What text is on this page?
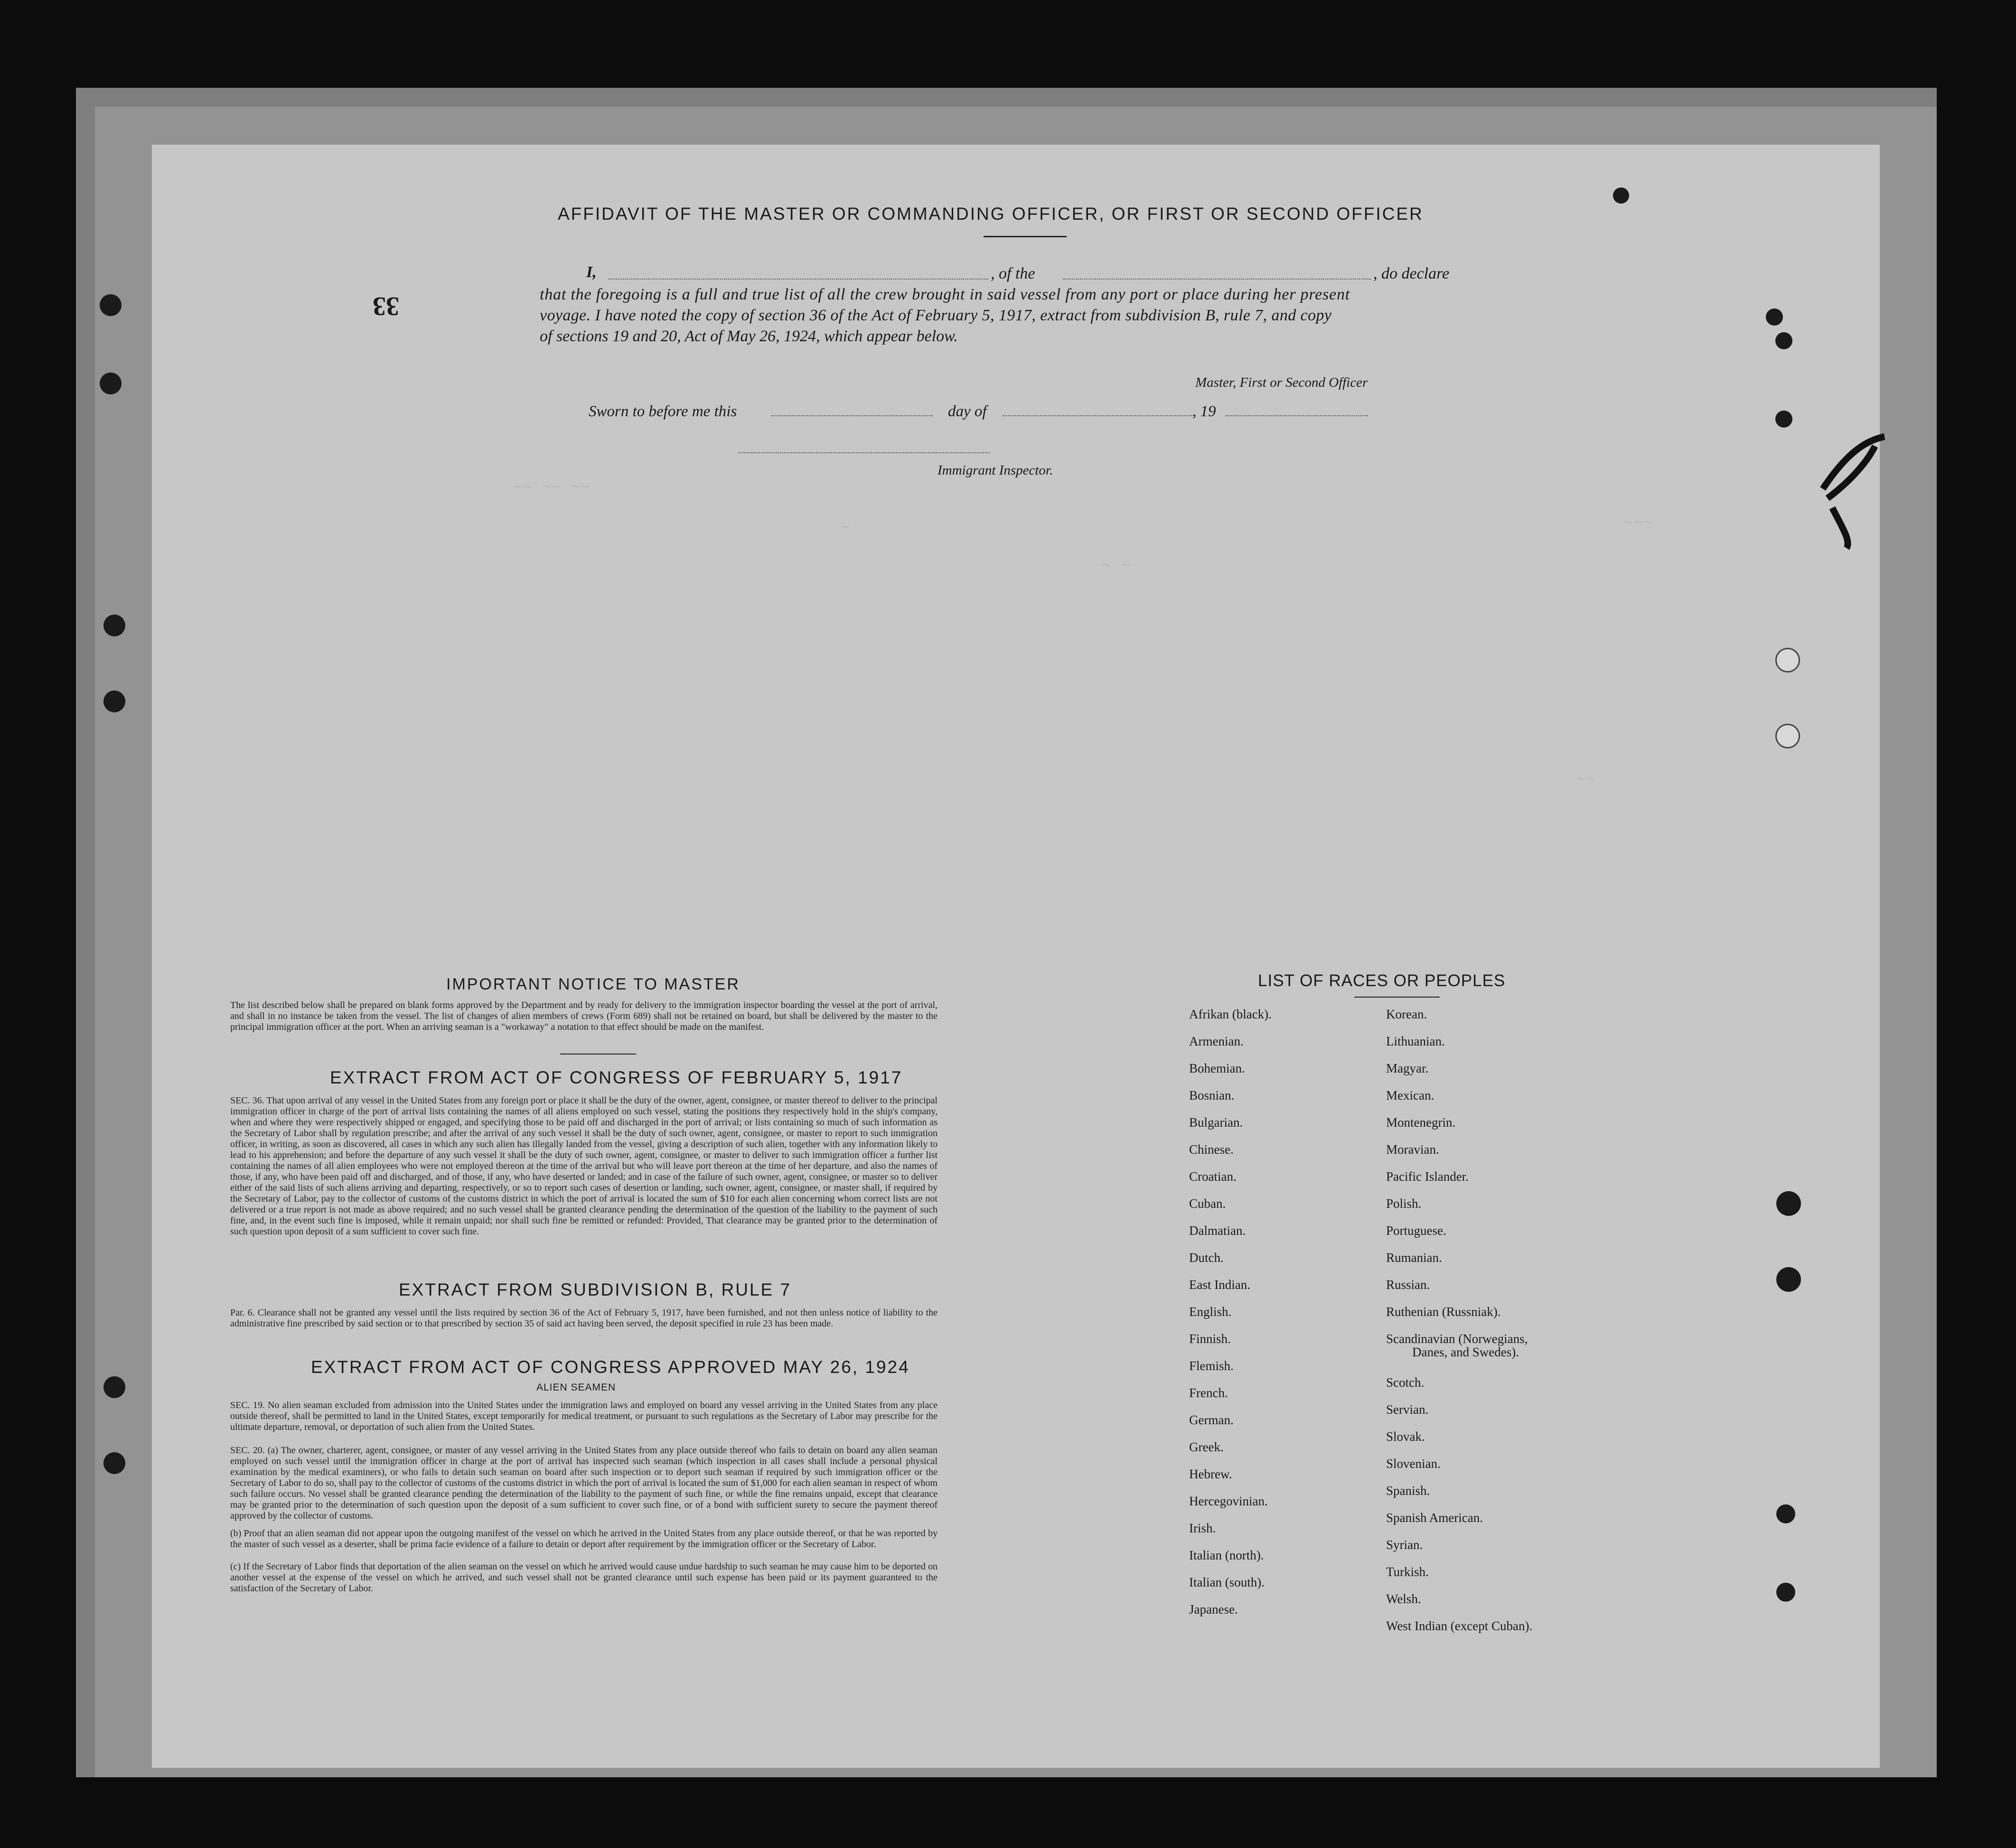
~~ ~~ ~~
~
~ ~
~~~
~~
33
AFFIDAVIT OF THE MASTER OR COMMANDING OFFICER, OR FIRST OR SECOND OFFICER
I,	, of the	, do declare
that the foregoing is a full and true list of all the crew brought in said vessel from any port or place during her present
voyage. I have noted the copy of section 36 of the Act of February 5, 1917, extract from subdivision B, rule 7, and copy
of sections 19 and 20, Act of May 26, 1924, which appear below.
Master, First or Second Officer
Sworn to before me this	day of	, 19
Immigrant Inspector.
IMPORTANT NOTICE TO MASTER
The list described below shall be prepared on blank forms approved by the Department and by ready for delivery to the immigration inspector boarding the vessel at the port of arrival, and shall in no instance be taken from the vessel. The list of changes of alien members of crews (Form 689) shall not be retained on board, but shall be delivered by the master to the principal immigration officer at the port. When an arriving seaman is a "workaway" a notation to that effect should be made on the manifest.
EXTRACT FROM ACT OF CONGRESS OF FEBRUARY 5, 1917
SEC. 36. That upon arrival of any vessel in the United States from any foreign port or place it shall be the duty of the owner, agent, consignee, or master thereof to deliver to the principal immigration officer in charge of the port of arrival lists containing the names of all aliens employed on such vessel, stating the positions they respectively hold in the ship's company, when and where they were respectively shipped or engaged, and specifying those to be paid off and discharged in the port of arrival; or lists containing so much of such information as the Secretary of Labor shall by regulation prescribe; and after the arrival of any such vessel it shall be the duty of such owner, agent, consignee, or master to report to such immigration officer, in writing, as soon as discovered, all cases in which any such alien has illegally landed from the vessel, giving a description of such alien, together with any information likely to lead to his apprehension; and before the departure of any such vessel it shall be the duty of such owner, agent, consignee, or master to deliver to such immigration officer a further list containing the names of all alien employees who were not employed thereon at the time of the arrival but who will leave port thereon at the time of her departure, and also the names of those, if any, who have been paid off and discharged, and of those, if any, who have deserted or landed; and in case of the failure of such owner, agent, consignee, or master so to deliver either of the said lists of such aliens arriving and departing, respectively, or so to report such cases of desertion or landing, such owner, agent, consignee, or master shall, if required by the Secretary of Labor, pay to the collector of customs of the customs district in which the port of arrival is located the sum of $10 for each alien concerning whom correct lists are not delivered or a true report is not made as above required; and no such vessel shall be granted clearance pending the determination of the question of the liability to the payment of such fine, and, in the event such fine is imposed, while it remain unpaid; nor shall such fine be remitted or refunded: Provided, That clearance may be granted prior to the determination of such question upon deposit of a sum sufficient to cover such fine.
EXTRACT FROM SUBDIVISION B, RULE 7
Par. 6. Clearance shall not be granted any vessel until the lists required by section 36 of the Act of February 5, 1917, have been furnished, and not then unless notice of liability to the administrative fine prescribed by said section or to that prescribed by section 35 of said act having been served, the deposit specified in rule 23 has been made.
EXTRACT FROM ACT OF CONGRESS APPROVED MAY 26, 1924
ALIEN SEAMEN
SEC. 19. No alien seaman excluded from admission into the United States under the immigration laws and employed on board any vessel arriving in the United States from any place outside thereof, shall be permitted to land in the United States, except temporarily for medical treatment, or pursuant to such regulations as the Secretary of Labor may prescribe for the ultimate departure, removal, or deportation of such alien from the United States.
SEC. 20. (a) The owner, charterer, agent, consignee, or master of any vessel arriving in the United States from any place outside thereof who fails to detain on board any alien seaman employed on such vessel until the immigration officer in charge at the port of arrival has inspected such seaman (which inspection in all cases shall include a personal physical examination by the medical examiners), or who fails to detain such seaman on board after such inspection or to deport such seaman if required by such immigration officer or the Secretary of Labor to do so, shall pay to the collector of customs of the customs district in which the port of arrival is located the sum of $1,000 for each alien seaman in respect of whom such failure occurs. No vessel shall be granted clearance pending the determination of the liability to the payment of such fine, or while the fine remains unpaid, except that clearance may be granted prior to the determination of such question upon the deposit of a sum sufficient to cover such fine, or of a bond with sufficient surety to secure the payment thereof approved by the collector of customs.
(b) Proof that an alien seaman did not appear upon the outgoing manifest of the vessel on which he arrived in the United States from any place outside thereof, or that he was reported by the master of such vessel as a deserter, shall be prima facie evidence of a failure to detain or deport after requirement by the immigration officer or the Secretary of Labor.
(c) If the Secretary of Labor finds that deportation of the alien seaman on the vessel on which he arrived would cause undue hardship to such seaman he may cause him to be deported on another vessel at the expense of the vessel on which he arrived, and such vessel shall not be granted clearance until such expense has been paid or its payment guaranteed to the satisfaction of the Secretary of Labor.
LIST OF RACES OR PEOPLES
Afrikan (black).
Armenian.
Bohemian.
Bosnian.
Bulgarian.
Chinese.
Croatian.
Cuban.
Dalmatian.
Dutch.
East Indian.
English.
Finnish.
Flemish.
French.
German.
Greek.
Hebrew.
Hercegovinian.
Irish.
Italian (north).
Italian (south).
Japanese.
Korean.
Lithuanian.
Magyar.
Mexican.
Montenegrin.
Moravian.
Pacific Islander.
Polish.
Portuguese.
Rumanian.
Russian.
Ruthenian (Russniak).
Scandinavian (Norwegians,
Danes, and Swedes).
Scotch.
Servian.
Slovak.
Slovenian.
Spanish.
Spanish American.
Syrian.
Turkish.
Welsh.
West Indian (except Cuban).
